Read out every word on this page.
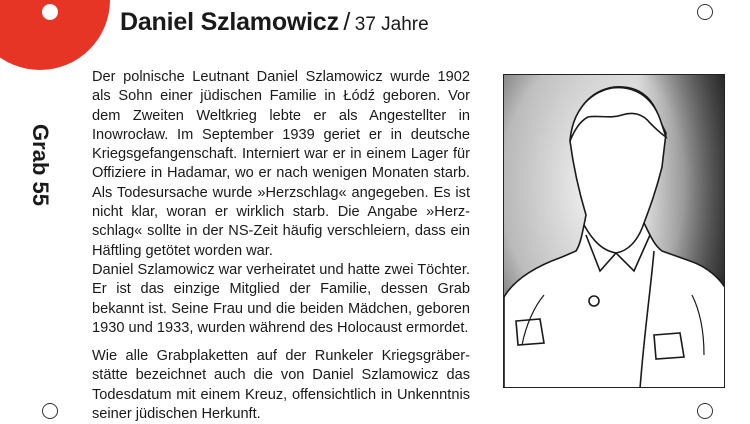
Daniel Szlamowicz / 37 Jahre
Grab 55

Der polnische Leutnant Daniel Szlamowicz wurde 1902 als Sohn einer jüdischen Familie in Łódź geboren. Vor dem Zweiten Weltkrieg lebte er als Angestellter in Inowrocław. Im September 1939 geriet er in deutsche Kriegsgefangenschaft. Interniert war er in einem Lager für Offiziere in Hadamar, wo er nach wenigen Monaten starb. Als Todesursache wurde »Herzschlag« angegeben. Es ist nicht klar, woran er wirklich starb. Die Angabe »Herzschlag« sollte in der NS-Zeit häufig verschleiern, dass ein Häftling getötet worden war.

Daniel Szlamowicz war verheiratet und hatte zwei Töchter. Er ist das einzige Mitglied der Familie, dessen Grab bekannt ist. Seine Frau und die beiden Mädchen, geboren 1930 und 1933, wurden während des Holocaust ermordet.

Wie alle Grabplaketten auf der Runkeler Kriegsgräberstätte bezeichnet auch die von Daniel Szlamowicz das Todesdatum mit einem Kreuz, offensichtlich in Unkenntnis seiner jüdischen Herkunft.
